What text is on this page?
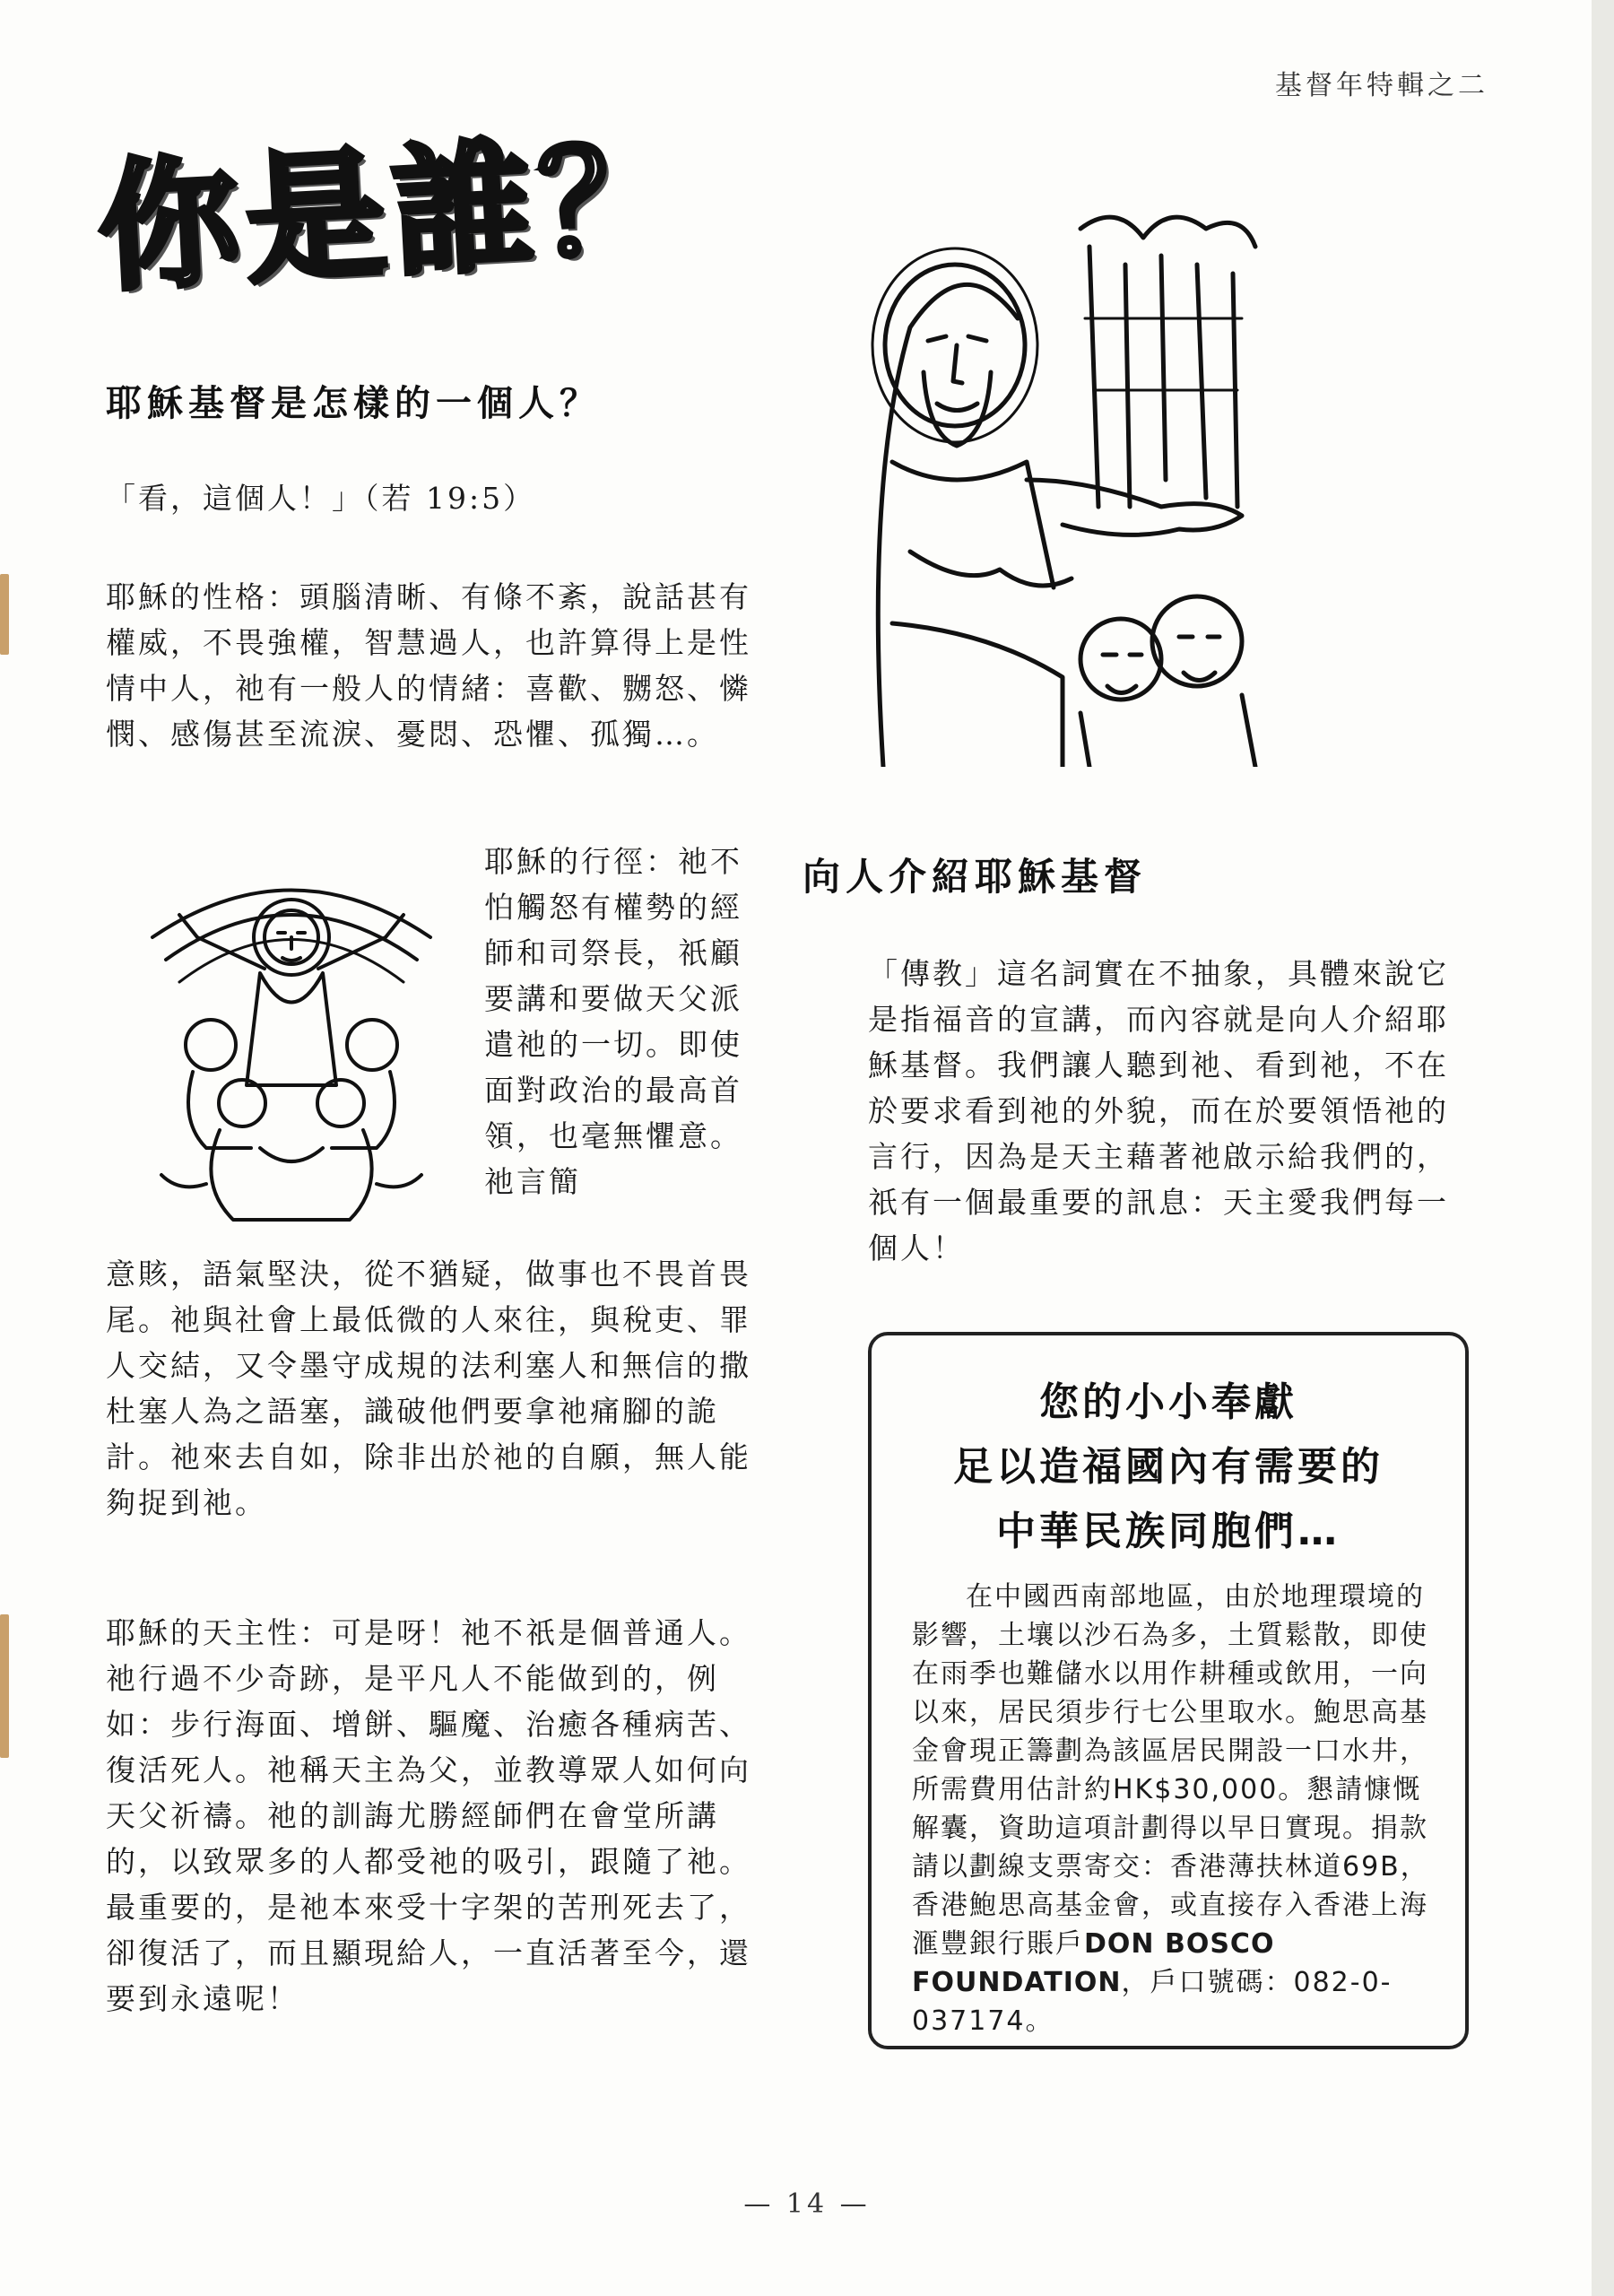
⠀	基督年特輯之二
你是誰？
耶穌基督是怎樣的一個人？

「看，這個人！」（若 19:5）

耶穌的性格：頭腦清晰、有條不紊，說話甚有權威，不畏強權，智慧過人，也許算得上是性情中人，祂有一般人的情緒：喜歡、嬲怒、憐憫、感傷甚至流淚、憂悶、恐懼、孤獨…。

耶穌的行徑：祂不怕觸怒有權勢的經師和司祭長，祇顧要講和要做天父派遣祂的一切。即使面對政治的最高首領，也毫無懼意。祂言簡

意賅，語氣堅決，從不猶疑，做事也不畏首畏尾。祂與社會上最低微的人來往，與稅吏、罪人交結，又令墨守成規的法利塞人和無信的撒杜塞人為之語塞，識破他們要拿祂痛腳的詭計。祂來去自如，除非出於祂的自願，無人能夠捉到祂。

耶穌的天主性：可是呀！祂不祇是個普通人。祂行過不少奇跡，是平凡人不能做到的，例如：步行海面、增餅、驅魔、治癒各種病苦、復活死人。祂稱天主為父，並教導眾人如何向天父祈禱。祂的訓誨尤勝經師們在會堂所講的，以致眾多的人都受祂的吸引，跟隨了祂。最重要的，是祂本來受十字架的苦刑死去了，卻復活了，而且顯現給人，一直活著至今，還要到永遠呢！

向人介紹耶穌基督

「傳教」這名詞實在不抽象，具體來說它是指福音的宣講，而內容就是向人介紹耶穌基督。我們讓人聽到祂、看到祂，不在於要求看到祂的外貌，而在於要領悟祂的言行，因為是天主藉著祂啟示給我們的，祇有一個最重要的訊息：天主愛我們每一個人！

您的小小奉獻
足以造福國內有需要的
中華民族同胞們…

在中國西南部地區，由於地理環境的影響，土壤以沙石為多，土質鬆散，即使在雨季也難儲水以用作耕種或飲用，一向以來，居民須步行七公里取水。鮑思高基金會現正籌劃為該區居民開設一口水井，所需費用估計約HK$30,000。懇請慷慨解囊，資助這項計劃得以早日實現。捐款請以劃線支票寄交：香港薄扶林道69B，香港鮑思高基金會，或直接存入香港上海滙豐銀行賬戶DON BOSCO FOUNDATION，戶口號碼：082-0-037174。

— 14 —
